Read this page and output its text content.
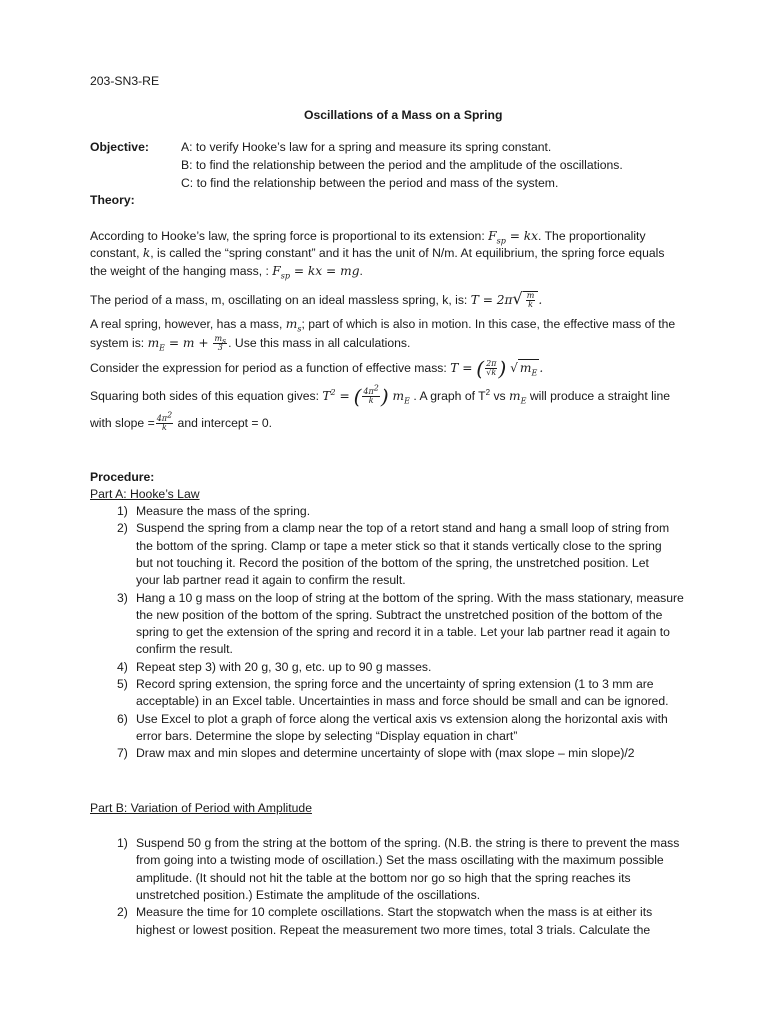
203-SN3-RE
Oscillations of a Mass on a Spring
Objective:	A: to verify Hooke’s law for a spring and measure its spring constant.
B: to find the relationship between the period and the amplitude of the oscillations.
C: to find the relationship between the period and mass of the system.
Theory:
According to Hooke’s law, the spring force is proportional to its extension: $F_{sp}$ = kx. The proportionality
constant, k, is called the “spring constant” and it has the unit of N/m. At equilibrium, the spring force equals
the weight of the hanging mass, : $F_{sp}$ = kx = mg.
The period of a mass, m, oscillating on an ideal massless spring, k, is: $T = 2\pi√ \frac{m}{k}$ .
A real spring, however, has a mass, $m_s$; part of which is also in motion. In this case, the effective mass of the
system is: $m_E = m + \frac{m_s}{3}$ . Use this mass in all calculations.
Consider the expression for period as a function of effective mass: T = ( $\frac{2\pi}{√k}$ ) √ $m_E$ .
Squaring both sides of this equation gives: $T^2$ = ( $\frac{4\pi^2}{k}$ ) $m_E$ . A graph of $T^2$ vs $m_E$ will produce a straight line
with slope = $\frac{4\pi^2}{k}$ and intercept = 0.
Procedure:
Part A: Hooke’s Law
1) Measure the mass of the spring.
2) Suspend the spring from a clamp near the top of a retort stand and hang a small loop of string from
the bottom of the spring. Clamp or tape a meter stick so that it stands vertically close to the spring
but not touching it. Record the position of the bottom of the spring, the unstretched position. Let
your lab partner read it again to confirm the result.
3) Hang a 10 g mass on the loop of string at the bottom of the spring. With the mass stationary, measure
the new position of the bottom of the spring. Subtract the unstretched position of the bottom of the
spring to get the extension of the spring and record it in a table. Let your lab partner read it again to
confirm the result.
4) Repeat step 3) with 20 g, 30 g, etc. up to 90 g masses.
5) Record spring extension, the spring force and the uncertainty of spring extension (1 to 3 mm are
acceptable) in an Excel table. Uncertainties in mass and force should be small and can be ignored.
6) Use Excel to plot a graph of force along the vertical axis vs extension along the horizontal axis with
error bars. Determine the slope by selecting “Display equation in chart”
7) Draw max and min slopes and determine uncertainty of slope with (max slope – min slope)/2
Part B: Variation of Period with Amplitude
1) Suspend 50 g from the string at the bottom of the spring. (N.B. the string is there to prevent the mass
from going into a twisting mode of oscillation.) Set the mass oscillating with the maximum possible
amplitude. (It should not hit the table at the bottom nor go so high that the spring reaches its
unstretched position.) Estimate the amplitude of the oscillations.
2) Measure the time for 10 complete oscillations. Start the stopwatch when the mass is at either its
highest or lowest position. Repeat the measurement two more times, total 3 trials. Calculate the
